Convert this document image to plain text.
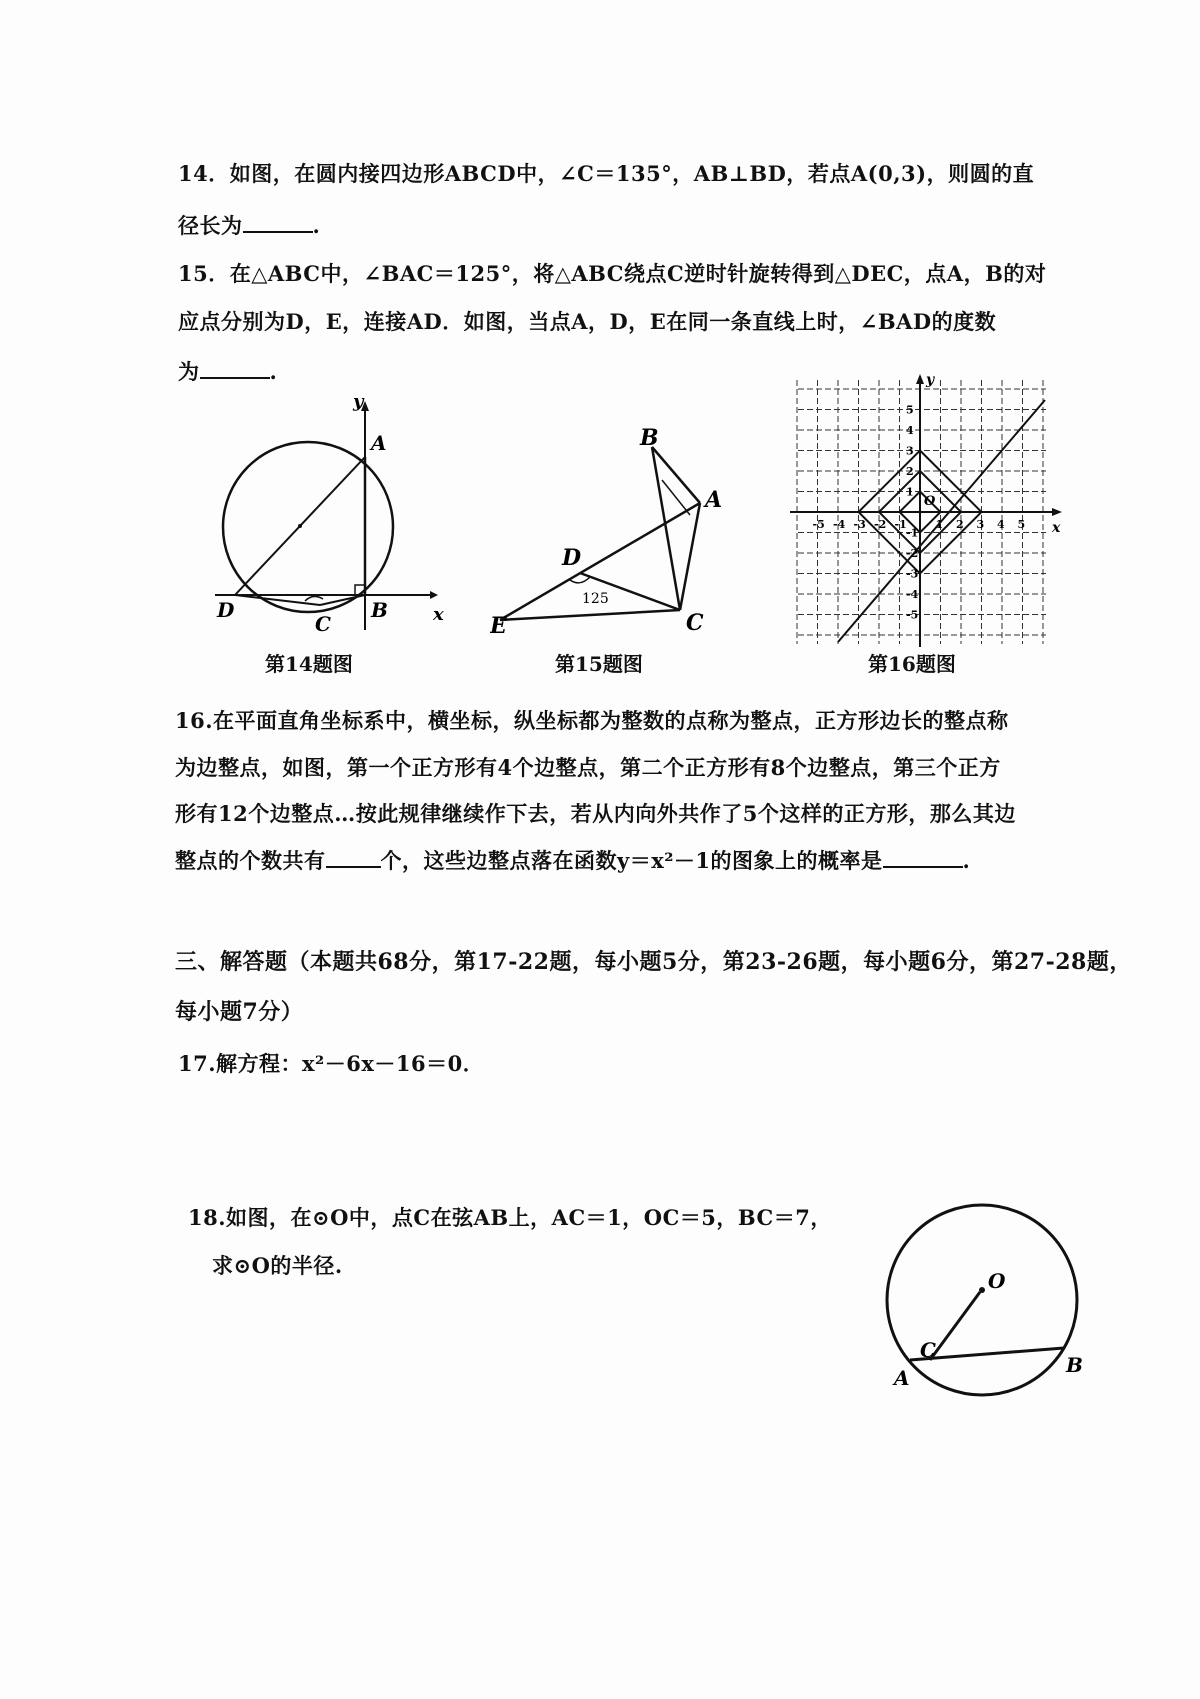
14．如图，在圆内接四边形ABCD中，∠C＝135°，AB⊥BD，若点A(0,3)，则圆的直
径长为	.
15．在△ABC中，∠BAC＝125°，将△ABC绕点C逆时针旋转得到△DEC，点A，B的对
应点分别为D，E，连接AD．如图，当点A，D，E在同一条直线上时，∠BAD的度数
为	.
y
x
A
B
C
D
第14题图
B
A
D
E	C
125
第15题图
-5 -4 -3 -2 -1	1 2 3 4 5
5
4
3
2
1
-1
-2
-3
-4
-5
y
x
O
第16题图
16.在平面直角坐标系中，横坐标，纵坐标都为整数的点称为整点，正方形边长的整点称
为边整点，如图，第一个正方形有4个边整点，第二个正方形有8个边整点，第三个正方
形有12个边整点…按此规律继续作下去，若从内向外共作了5个这样的正方形，那么其边
整点的个数共有	个，这些边整点落在函数y＝x²－1的图象上的概率是	.
三、解答题（本题共68分，第17-22题，每小题5分，第23-26题，每小题6分，第27-28题，
每小题7分）
17.解方程：x²－6x－16＝0．
18.如图，在⊙O中，点C在弦AB上，AC＝1，OC＝5，BC＝7，
求⊙O的半径.
O
C
A
B
